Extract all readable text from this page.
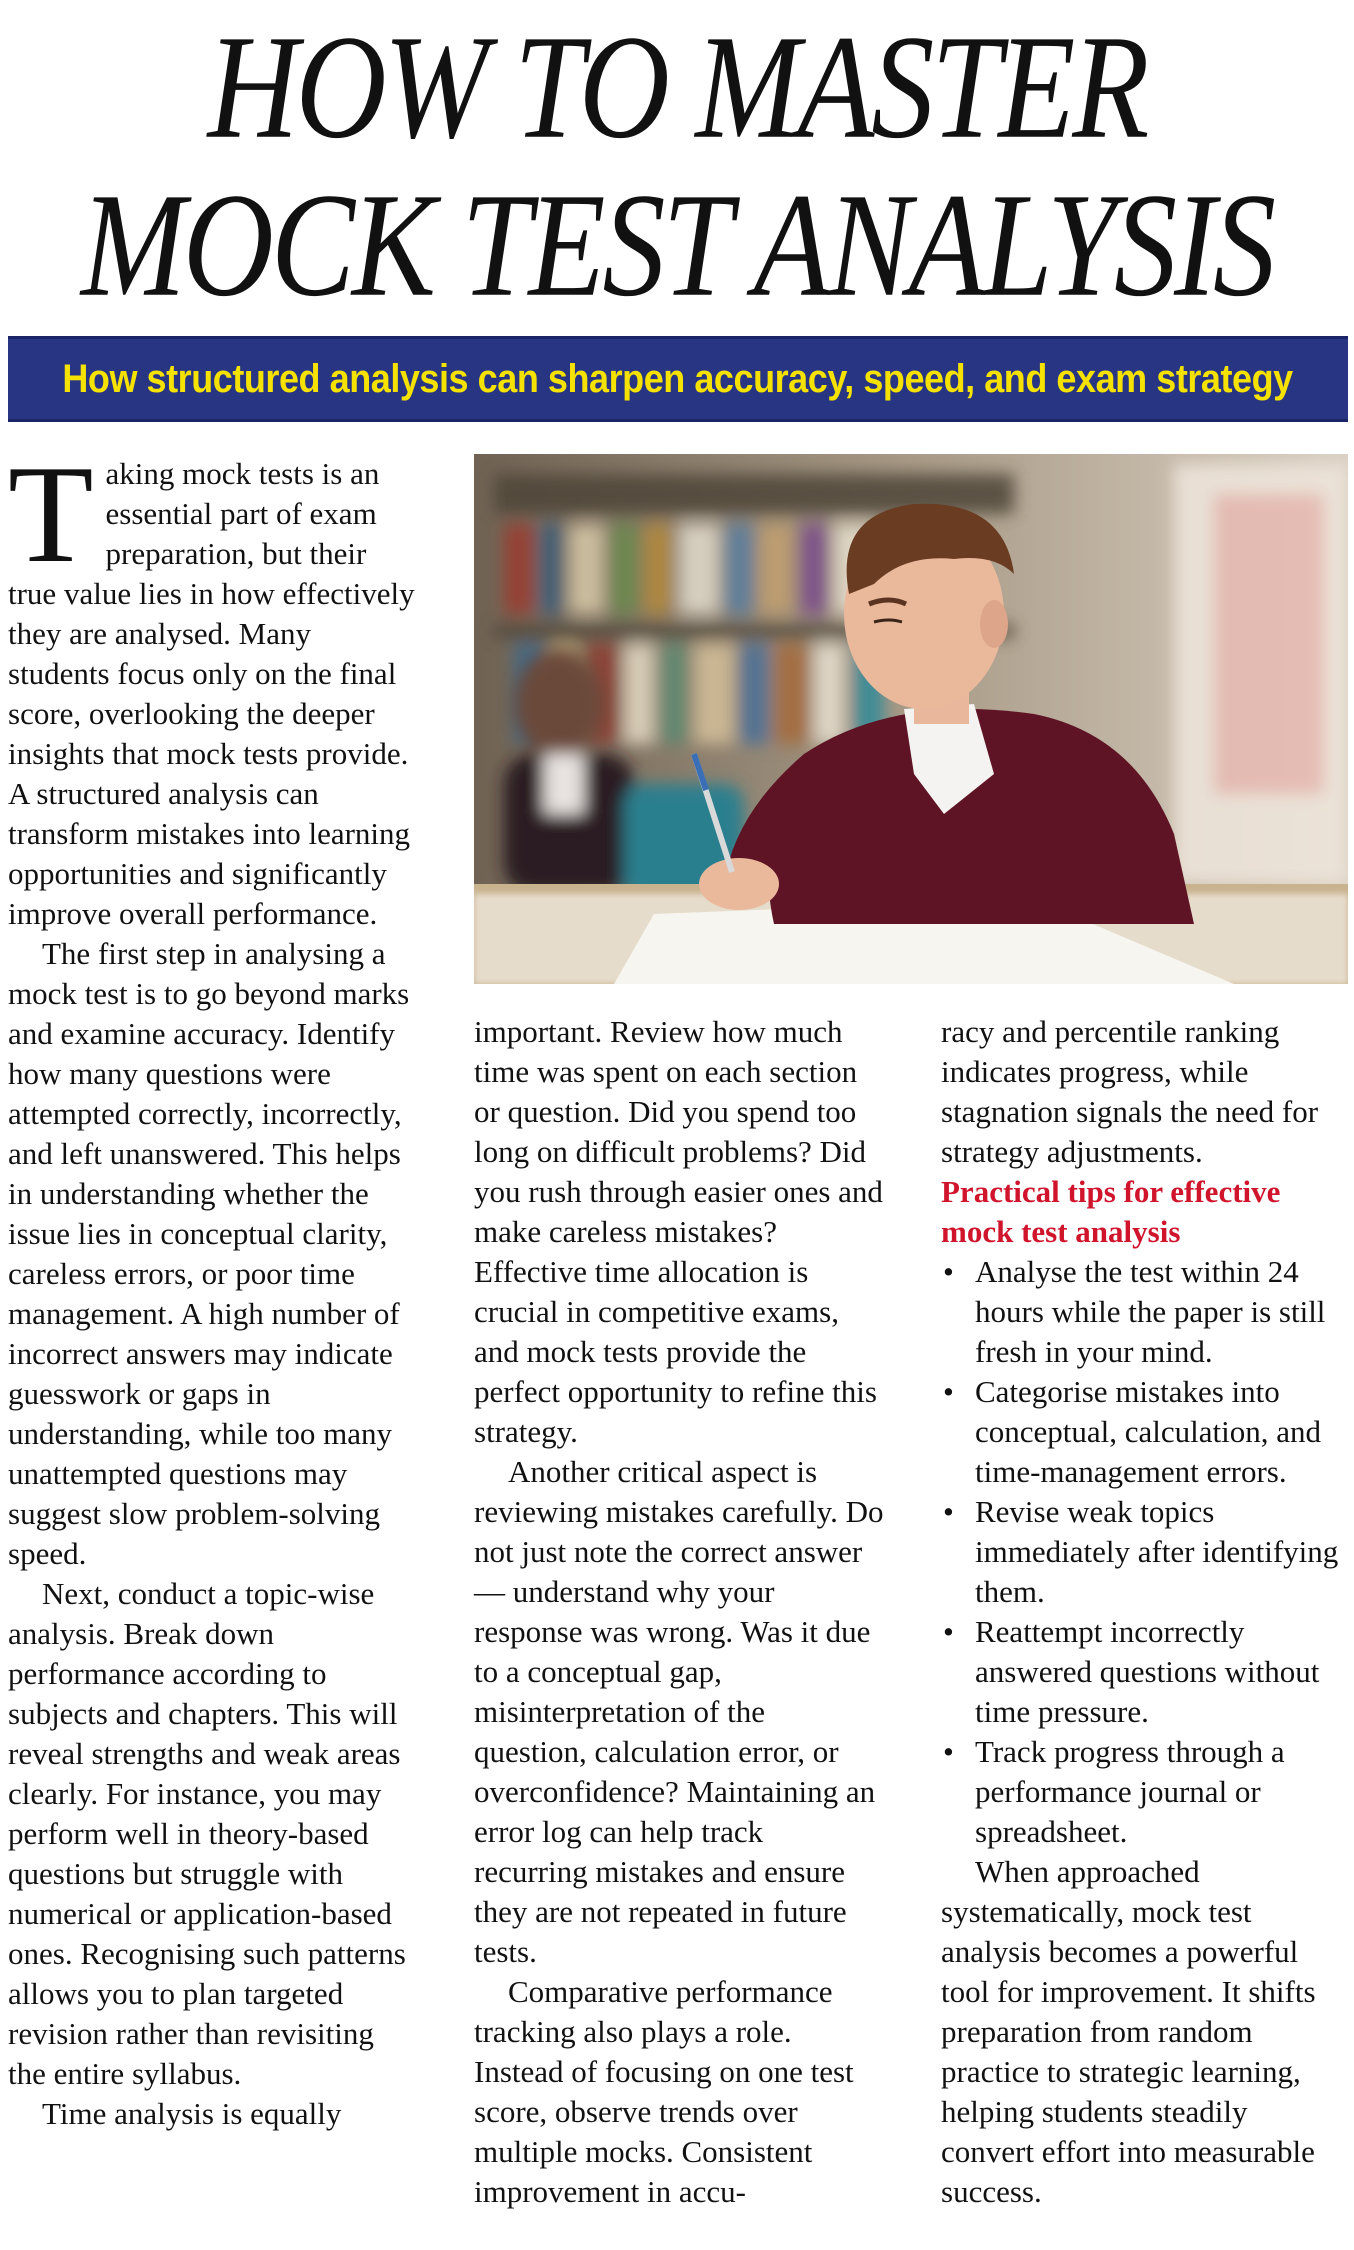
HOW TO MASTER
MOCK TEST ANALYSIS
How structured analysis can sharpen accuracy, speed, and exam strategy

Taking mock tests is an essential part of exam preparation, but their true value lies in how effectively they are analysed. Many students focus only on the final score, overlooking the deeper insights that mock tests provide. A structured analysis can transform mistakes into learning opportunities and significantly improve overall performance.

The first step in analysing a mock test is to go beyond marks and examine accuracy. Identify how many questions were attempted correctly, incorrectly, and left unanswered. This helps in understanding whether the issue lies in conceptual clarity, careless errors, or poor time management. A high number of incorrect answers may indicate guesswork or gaps in understanding, while too many unattempted questions may suggest slow problem-solving speed.

Next, conduct a topic-wise analysis. Break down performance according to subjects and chapters. This will reveal strengths and weak areas clearly. For instance, you may perform well in theory-based questions but struggle with numerical or application-based ones. Recognising such patterns allows you to plan targeted revision rather than revisiting the entire syllabus.

Time analysis is equally

important. Review how much time was spent on each section or question. Did you spend too long on difficult problems? Did you rush through easier ones and make careless mistakes? Effective time allocation is crucial in competitive exams, and mock tests provide the perfect opportunity to refine this strategy.

Another critical aspect is reviewing mistakes carefully. Do not just note the correct answer — understand why your response was wrong. Was it due to a conceptual gap, misinterpretation of the question, calculation error, or overconfidence? Maintaining an error log can help track recurring mistakes and ensure they are not repeated in future tests.

Comparative performance tracking also plays a role. Instead of focusing on one test score, observe trends over multiple mocks. Consistent improvement in accu-

racy and percentile ranking indicates progress, while stagnation signals the need for strategy adjustments.

Practical tips for effective mock test analysis

• Analyse the test within 24 hours while the paper is still fresh in your mind.
• Categorise mistakes into conceptual, calculation, and time-management errors.
• Revise weak topics immediately after identifying them.
• Reattempt incorrectly answered questions without time pressure.
• Track progress through a performance journal or spreadsheet.

When approached systematically, mock test analysis becomes a powerful tool for improvement. It shifts preparation from random practice to strategic learning, helping students steadily convert effort into measurable success.
